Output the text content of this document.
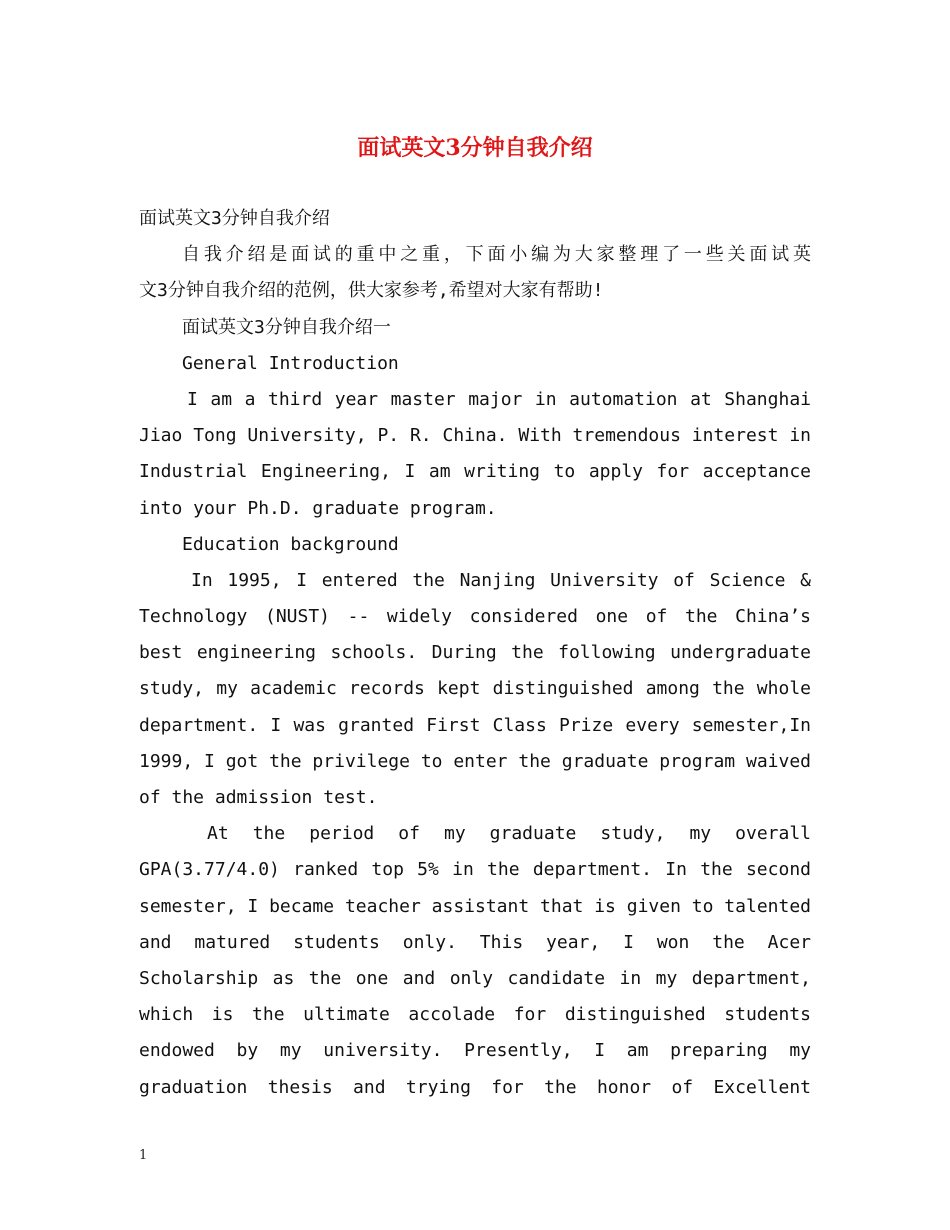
面试英文3分钟自我介绍
面试英文3分钟自我介绍
自我介绍是面试的重中之重，下面小编为大家整理了一些关面试英
文3分钟自我介绍的范例，供大家参考,希望对大家有帮助!
面试英文3分钟自我介绍一
General Introduction
I am a third year master major in automation at Shanghai
Jiao Tong University, P. R. China. With tremendous interest in
Industrial Engineering, I am writing to apply for acceptance
into your Ph.D. graduate program.
Education background
In 1995, I entered the Nanjing University of Science &
Technology (NUST) -- widely considered one of the China’s
best engineering schools. During the following undergraduate
study, my academic records kept distinguished among the whole
department. I was granted First Class Prize every semester,In
1999, I got the privilege to enter the graduate program waived
of the admission test.
At the period of my graduate study, my overall
GPA(3.77/4.0) ranked top 5% in the department. In the second
semester, I became teacher assistant that is given to talented
and matured students only. This year, I won the Acer
Scholarship as the one and only candidate in my department,
which is the ultimate accolade for distinguished students
endowed by my university. Presently, I am preparing my
graduation thesis and trying for the honor of Excellent
1
